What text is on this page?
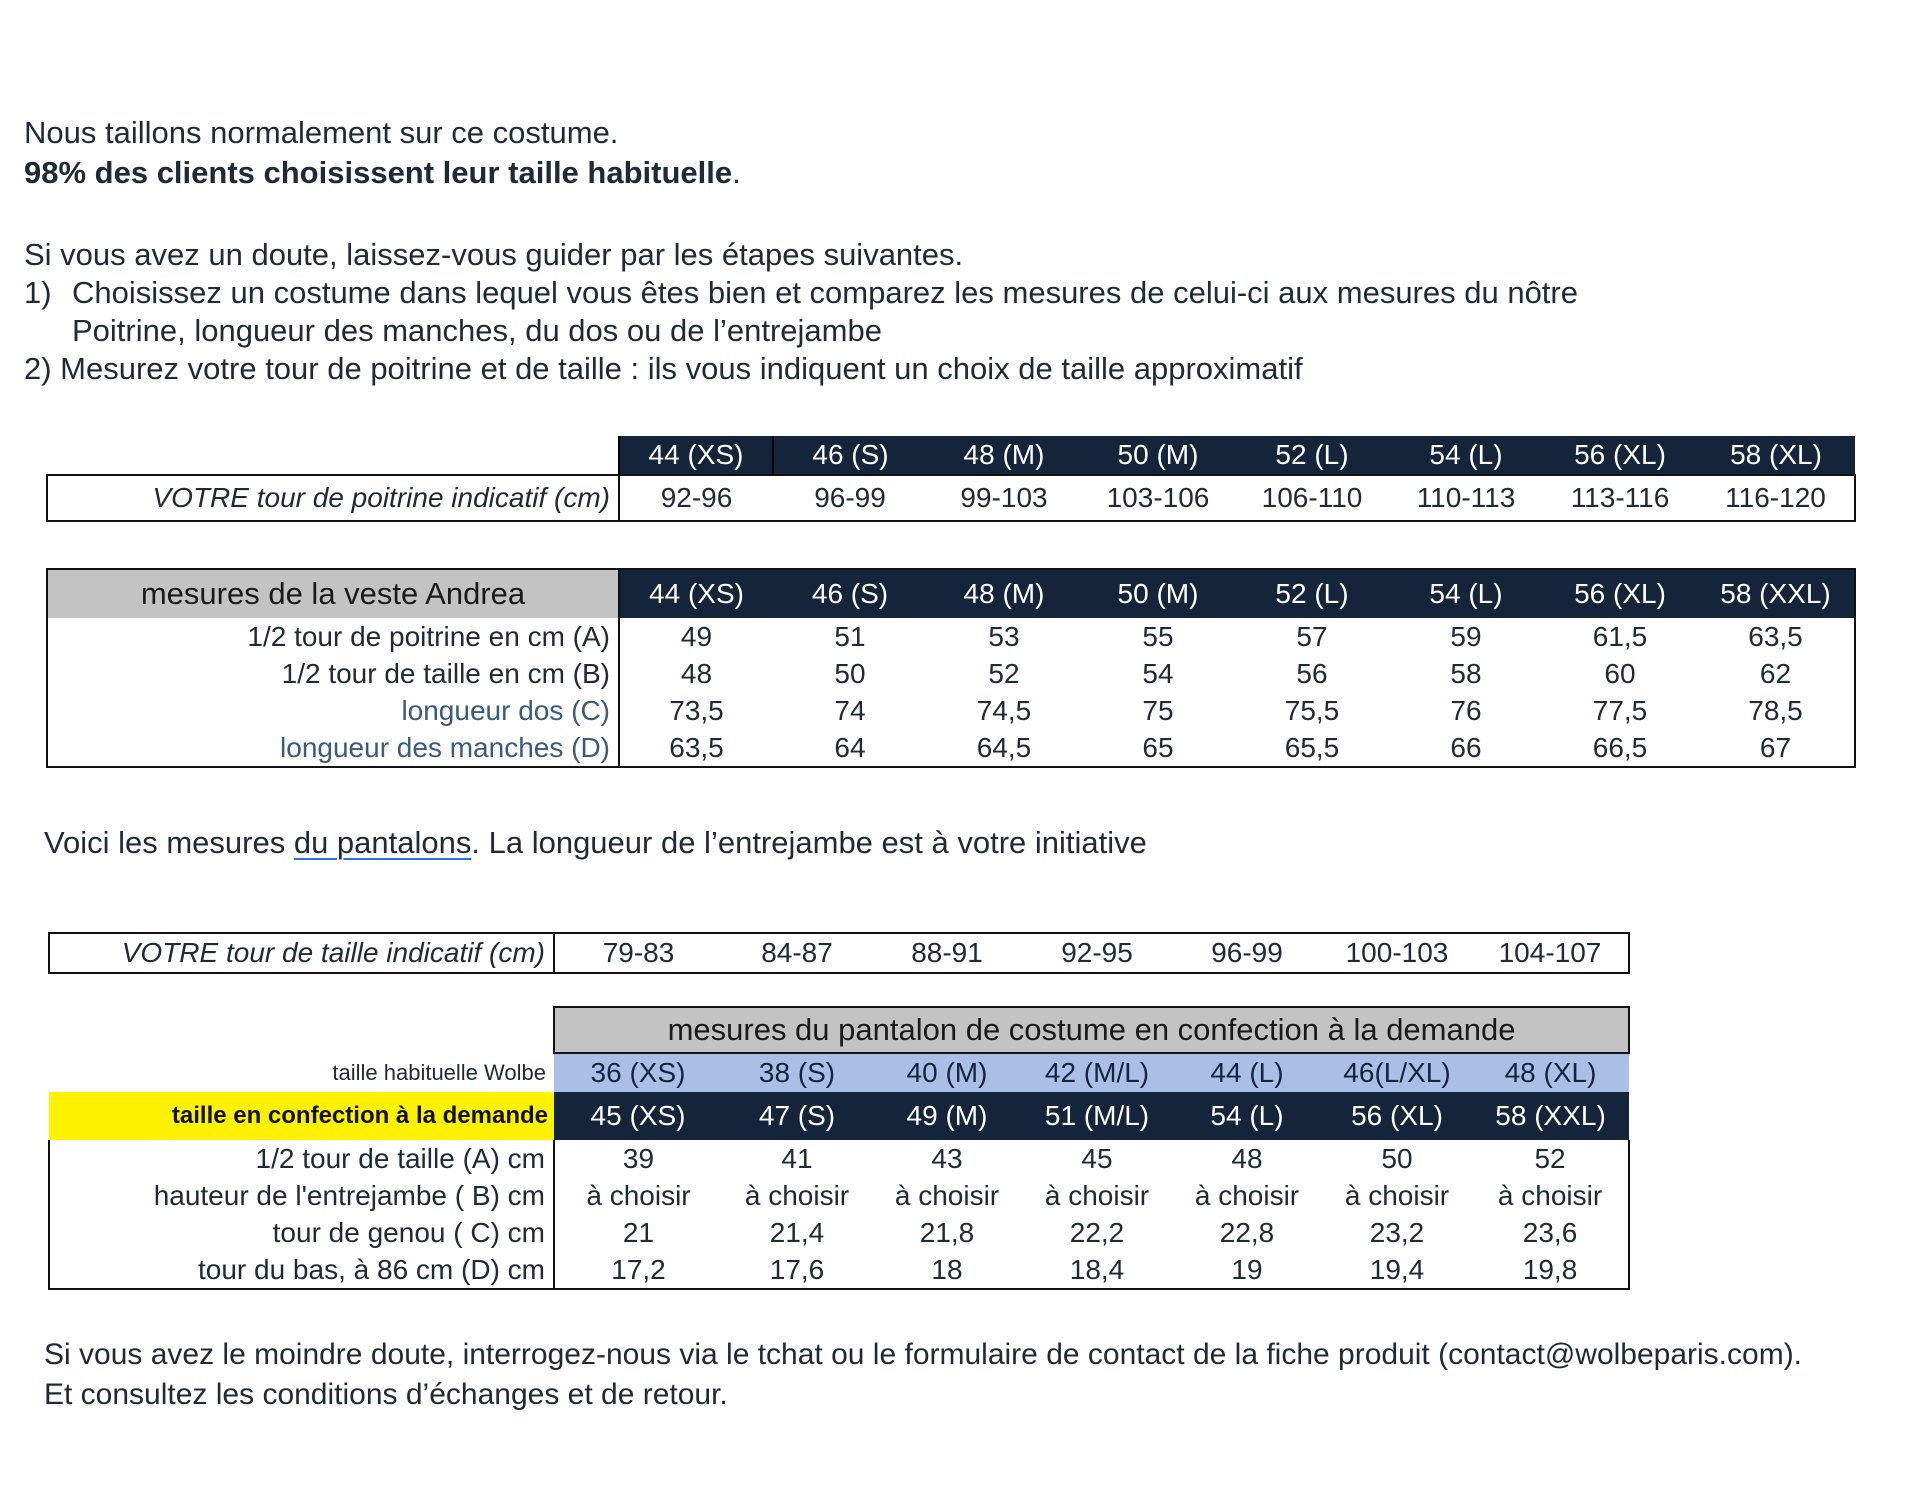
Nous taillons normalement sur ce costume.
98% des clients choisissent leur taille habituelle.
Si vous avez un doute, laissez-vous guider par les étapes suivantes.
1) Choisissez un costume dans lequel vous êtes bien et comparez les mesures de celui-ci aux mesures du nôtre
Poitrine, longueur des manches, du dos ou de l’entrejambe
2) Mesurez votre tour de poitrine et de taille : ils vous indiquent un choix de taille approximatif
	44 (XS)	46 (S)	48 (M)	50 (M)	52 (L)	54 (L)	56 (XL)	58 (XL)
VOTRE tour de poitrine indicatif (cm)	92-96	96-99	99-103	103-106	106-110	110-113	113-116	116-120
mesures de la veste Andrea	44 (XS)	46 (S)	48 (M)	50 (M)	52 (L)	54 (L)	56 (XL)	58 (XXL)
1/2 tour de poitrine en cm (A)	49	51	53	55	57	59	61,5	63,5
1/2 tour de taille en cm (B)	48	50	52	54	56	58	60	62
longueur dos (C)	73,5	74	74,5	75	75,5	76	77,5	78,5
longueur des manches (D)	63,5	64	64,5	65	65,5	66	66,5	67
Voici les mesures du pantalons. La longueur de l’entrejambe est à votre initiative
VOTRE tour de taille indicatif (cm)	79-83	84-87	88-91	92-95	96-99	100-103	104-107
	mesures du pantalon de costume en confection à la demande						
taille habituelle Wolbe	36 (XS)	38 (S)	40 (M)	42 (M/L)	44 (L)	46(L/XL)	48 (XL)
taille en confection à la demande	45 (XS)	47 (S)	49 (M)	51 (M/L)	54 (L)	56 (XL)	58 (XXL)
1/2 tour de taille (A) cm	39	41	43	45	48	50	52
hauteur de l'entrejambe ( B) cm	à choisir	à choisir	à choisir	à choisir	à choisir	à choisir	à choisir
tour de genou ( C) cm	21	21,4	21,8	22,2	22,8	23,2	23,6
tour du bas, à 86 cm (D) cm	17,2	17,6	18	18,4	19	19,4	19,8
Si vous avez le moindre doute, interrogez-nous via le tchat ou le formulaire de contact de la fiche produit (contact@wolbeparis.com).
Et consultez les conditions d’échanges et de retour.
